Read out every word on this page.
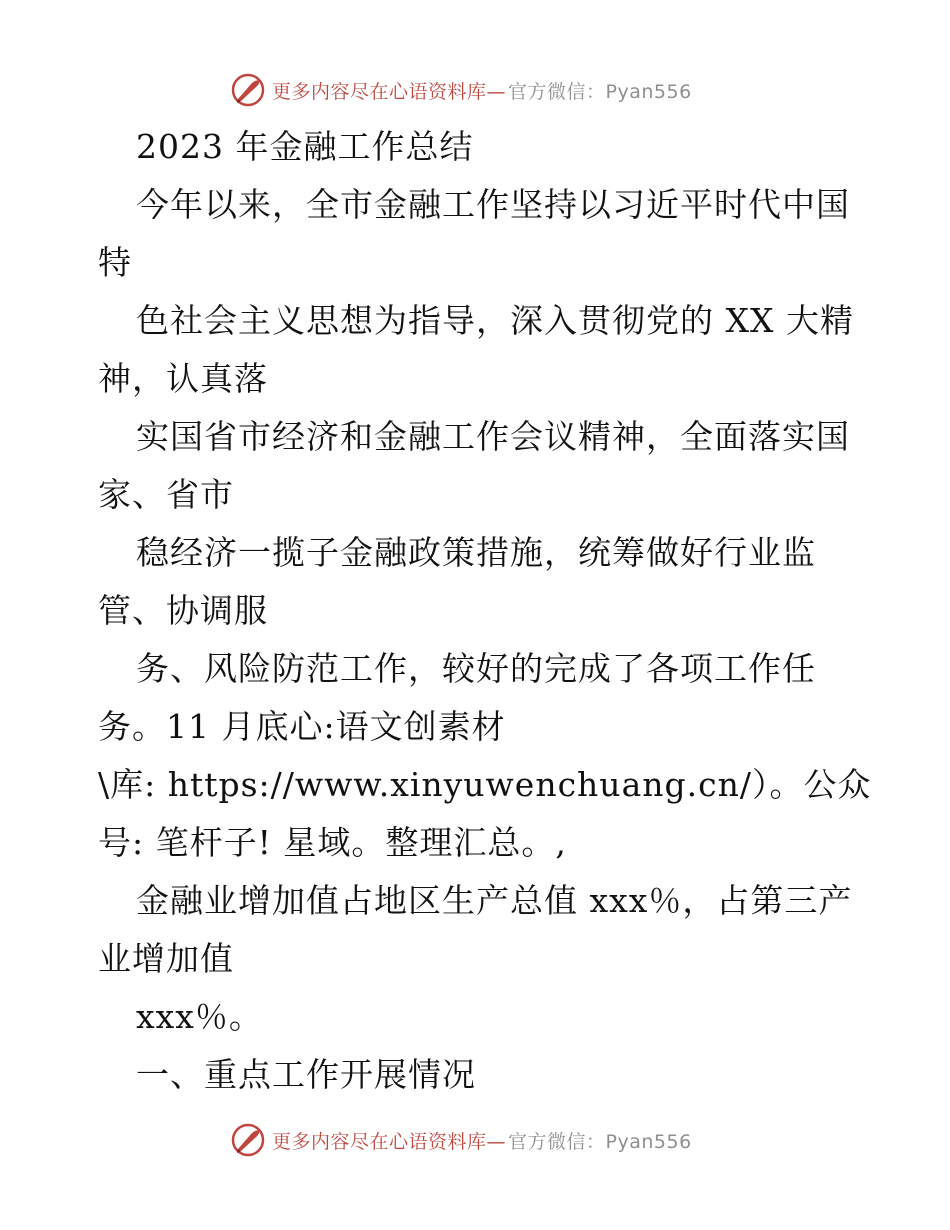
更多内容尽在心语资料库— 官方微信：Pyan556
2023 年金融工作总结
今年以来，全市金融工作坚持以习近平时代中国
特
色社会主义思想为指导，深入贯彻党的 XX 大精
神，认真落
实国省市经济和金融工作会议精神，全面落实国
家、省市
稳经济一揽子金融政策措施，统筹做好行业监
管、协调服
务、风险防范工作，较好的完成了各项工作任
务。11 月底心:语文创素材
\库: https://www.xinyuwenchuang.cn/）。公众
号: 笔杆子! 星域。整理汇总。,
金融业增加值占地区生产总值 xxx％，占第三产
业增加值
xxx％。
一、重点工作开展情况
更多内容尽在心语资料库— 官方微信：Pyan556
